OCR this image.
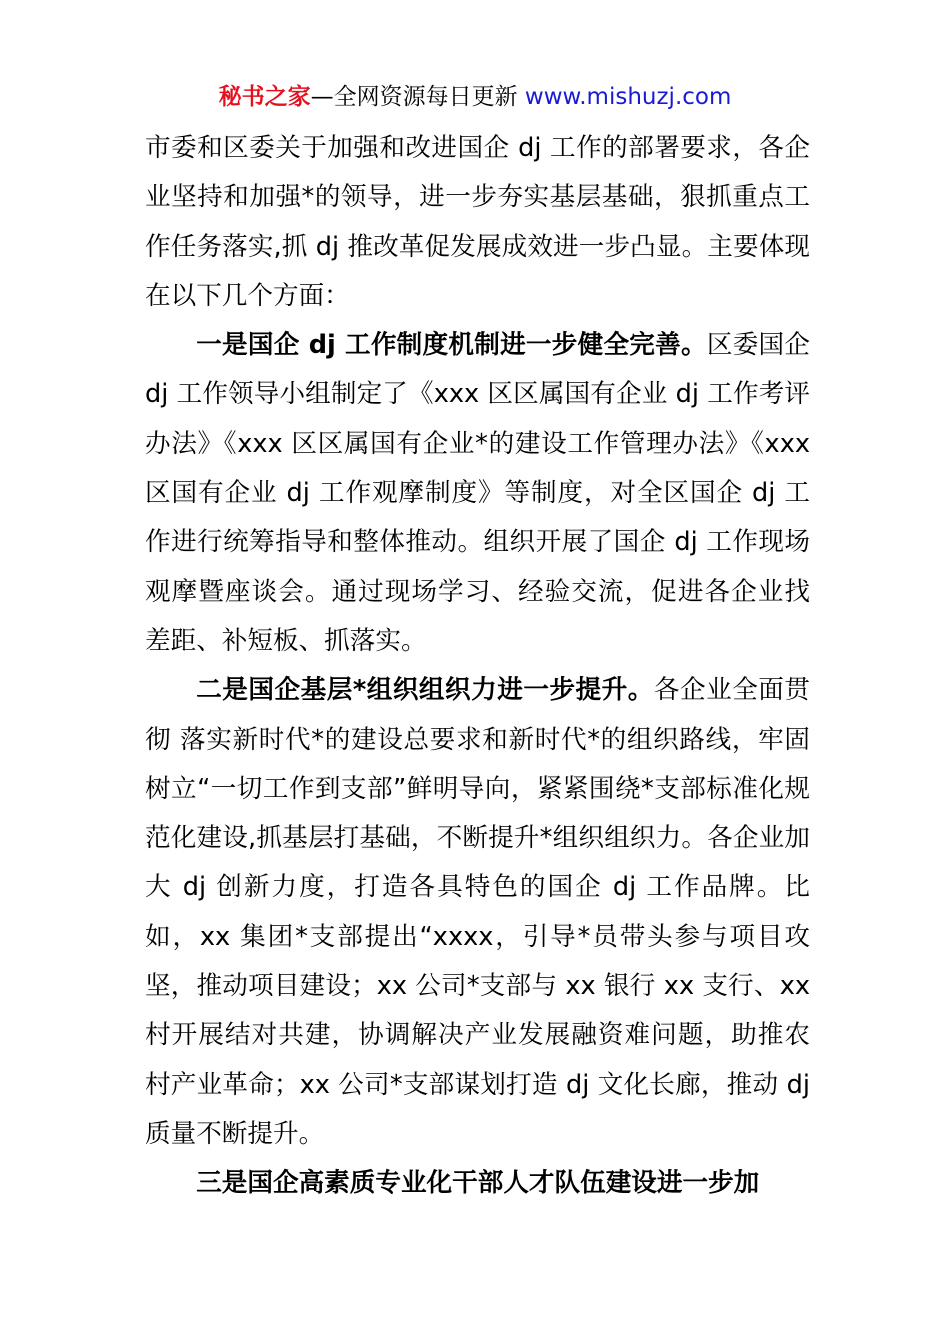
秘书之家—全网资源每日更新 www.mishuzj.com

市委和区委关于加强和改进国企 dj 工作的部署要求，各企业坚持和加强*的领导，进一步夯实基层基础，狠抓重点工作任务落实,抓 dj 推改革促发展成效进一步凸显。主要体现在以下几个方面：

一是国企 dj 工作制度机制进一步健全完善。区委国企 dj 工作领导小组制定了《xxx 区区属国有企业 dj 工作考评办法》《xxx 区区属国有企业*的建设工作管理办法》《xxx 区国有企业 dj 工作观摩制度》等制度，对全区国企 dj 工作进行统筹指导和整体推动。组织开展了国企 dj 工作现场观摩暨座谈会。通过现场学习、经验交流，促进各企业找差距、补短板、抓落实。

二是国企基层*组织组织力进一步提升。各企业全面贯彻 落实新时代*的建设总要求和新时代*的组织路线，牢固树立“一切工作到支部”鲜明导向，紧紧围绕*支部标准化规范化建设,抓基层打基础，不断提升*组织组织力。各企业加大 dj 创新力度，打造各具特色的国企 dj 工作品牌。比如，xx 集团*支部提出“xxxx，引导*员带头参与项目攻坚，推动项目建设；xx 公司*支部与 xx 银行 xx 支行、xx 村开展结对共建，协调解决产业发展融资难问题，助推农村产业革命；xx 公司*支部谋划打造 dj 文化长廊，推动 dj 质量不断提升。

三是国企高素质专业化干部人才队伍建设进一步加
